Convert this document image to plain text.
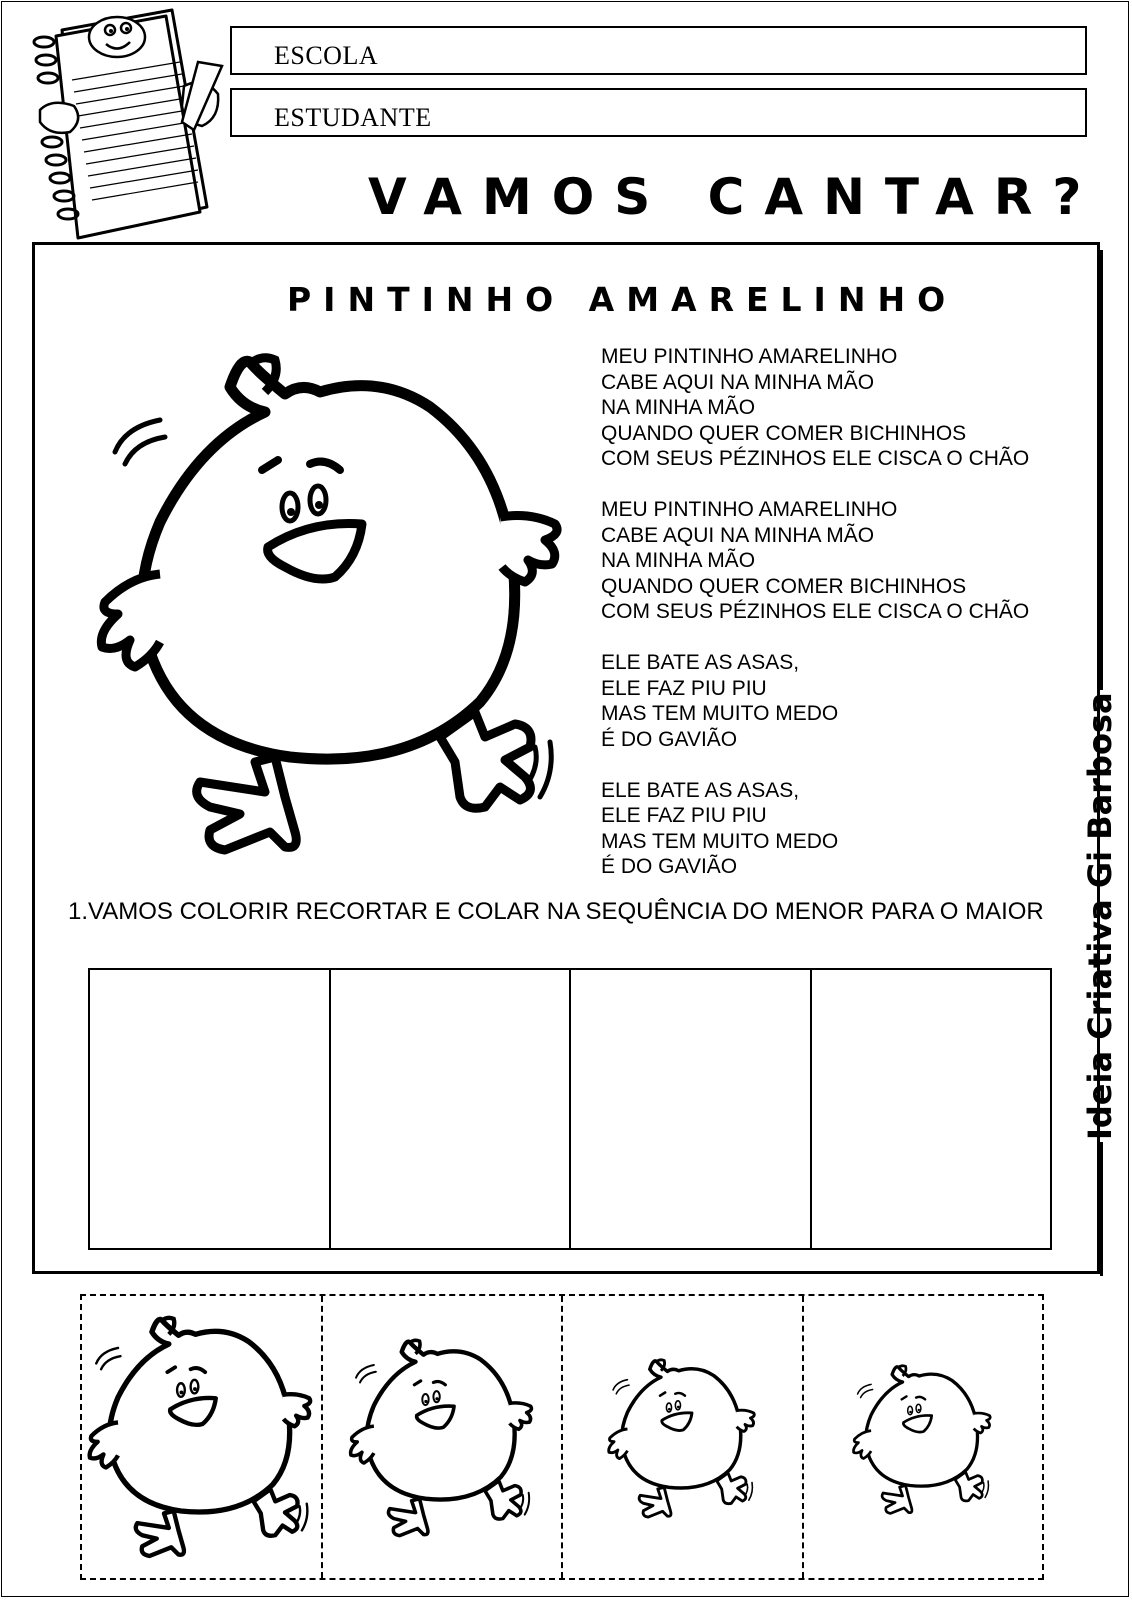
ESCOLA
ESTUDANTE
VAMOS CANTAR?
PINTINHO AMARELINHO
MEU PINTINHO AMARELINHO
CABE AQUI NA MINHA MÃO
NA MINHA MÃO
QUANDO QUER COMER BICHINHOS
COM SEUS PÉZINHOS ELE CISCA O CHÃO
MEU PINTINHO AMARELINHO
CABE AQUI NA MINHA MÃO
NA MINHA MÃO
QUANDO QUER COMER BICHINHOS
COM SEUS PÉZINHOS ELE CISCA O CHÃO
ELE BATE AS ASAS,
ELE FAZ PIU PIU
MAS TEM MUITO MEDO
É DO GAVIÃO
ELE BATE AS ASAS,
ELE FAZ PIU PIU
MAS TEM MUITO MEDO
É DO GAVIÃO
1.VAMOS COLORIR RECORTAR E COLAR NA SEQUÊNCIA DO MENOR PARA O MAIOR	Ideia Criativa Gi Barbosa
